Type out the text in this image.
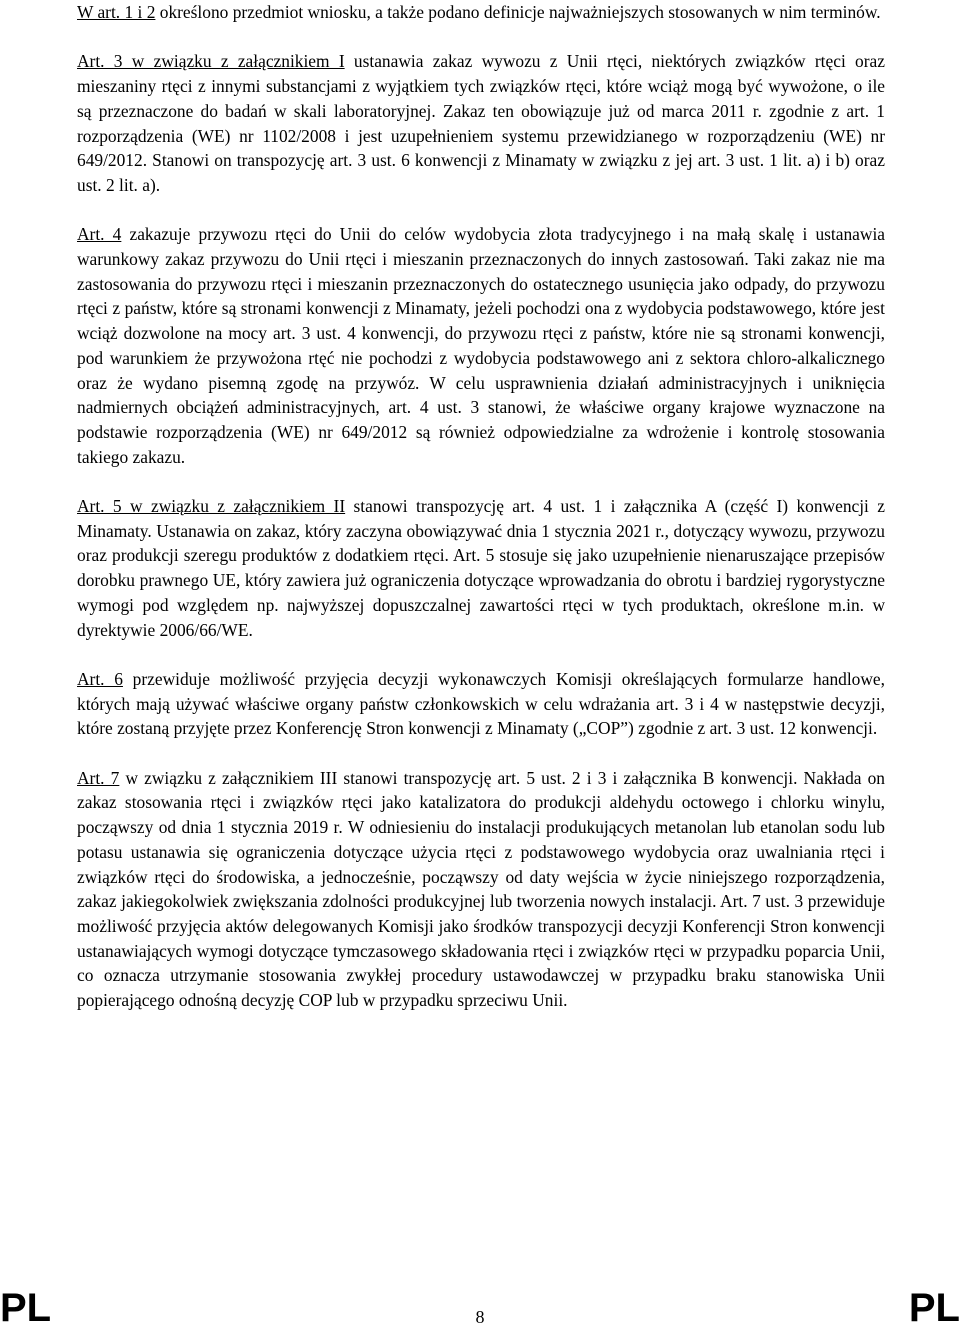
W art. 1 i 2 określono przedmiot wniosku, a także podano definicje najważniejszych stosowanych w nim terminów.

Art. 3 w związku z załącznikiem I ustanawia zakaz wywozu z Unii rtęci, niektórych związków rtęci oraz mieszaniny rtęci z innymi substancjami z wyjątkiem tych związków rtęci, które wciąż mogą być wywożone, o ile są przeznaczone do badań w skali laboratoryjnej. Zakaz ten obowiązuje już od marca 2011 r. zgodnie z art. 1 rozporządzenia (WE) nr 1102/2008 i jest uzupełnieniem systemu przewidzianego w rozporządzeniu (WE) nr 649/2012. Stanowi on transpozycję art. 3 ust. 6 konwencji z Minamaty w związku z jej art. 3 ust. 1 lit. a) i b) oraz ust. 2 lit. a).

Art. 4 zakazuje przywozu rtęci do Unii do celów wydobycia złota tradycyjnego i na małą skalę i ustanawia warunkowy zakaz przywozu do Unii rtęci i mieszanin przeznaczonych do innych zastosowań. Taki zakaz nie ma zastosowania do przywozu rtęci i mieszanin przeznaczonych do ostatecznego usunięcia jako odpady, do przywozu rtęci z państw, które są stronami konwencji z Minamaty, jeżeli pochodzi ona z wydobycia podstawowego, które jest wciąż dozwolone na mocy art. 3 ust. 4 konwencji, do przywozu rtęci z państw, które nie są stronami konwencji, pod warunkiem że przywożona rtęć nie pochodzi z wydobycia podstawowego ani z sektora chloro-alkalicznego oraz że wydano pisemną zgodę na przywóz. W celu usprawnienia działań administracyjnych i uniknięcia nadmiernych obciążeń administracyjnych, art. 4 ust. 3 stanowi, że właściwe organy krajowe wyznaczone na podstawie rozporządzenia (WE) nr 649/2012 są również odpowiedzialne za wdrożenie i kontrolę stosowania takiego zakazu.

Art. 5 w związku z załącznikiem II stanowi transpozycję art. 4 ust. 1 i załącznika A (część I) konwencji z Minamaty. Ustanawia on zakaz, który zaczyna obowiązywać dnia 1 stycznia 2021 r., dotyczący wywozu, przywozu oraz produkcji szeregu produktów z dodatkiem rtęci. Art. 5 stosuje się jako uzupełnienie nienaruszające przepisów dorobku prawnego UE, który zawiera już ograniczenia dotyczące wprowadzania do obrotu i bardziej rygorystyczne wymogi pod względem np. najwyższej dopuszczalnej zawartości rtęci w tych produktach, określone m.in. w dyrektywie 2006/66/WE.

Art. 6 przewiduje możliwość przyjęcia decyzji wykonawczych Komisji określających formularze handlowe, których mają używać właściwe organy państw członkowskich w celu wdrażania art. 3 i 4 w następstwie decyzji, które zostaną przyjęte przez Konferencję Stron konwencji z Minamaty („COP”) zgodnie z art. 3 ust. 12 konwencji.

Art. 7 w związku z załącznikiem III stanowi transpozycję art. 5 ust. 2 i 3 i załącznika B konwencji. Nakłada on zakaz stosowania rtęci i związków rtęci jako katalizatora do produkcji aldehydu octowego i chlorku winylu, począwszy od dnia 1 stycznia 2019 r. W odniesieniu do instalacji produkujących metanolan lub etanolan sodu lub potasu ustanawia się ograniczenia dotyczące użycia rtęci z podstawowego wydobycia oraz uwalniania rtęci i związków rtęci do środowiska, a jednocześnie, począwszy od daty wejścia w życie niniejszego rozporządzenia, zakaz jakiegokolwiek zwiększania zdolności produkcyjnej lub tworzenia nowych instalacji. Art. 7 ust. 3 przewiduje możliwość przyjęcia aktów delegowanych Komisji jako środków transpozycji decyzji Konferencji Stron konwencji ustanawiających wymogi dotyczące tymczasowego składowania rtęci i związków rtęci w przypadku poparcia Unii, co oznacza utrzymanie stosowania zwykłej procedury ustawodawczej w przypadku braku stanowiska Unii popierającego odnośną decyzję COP lub w przypadku sprzeciwu Unii.

PL	8	PL
